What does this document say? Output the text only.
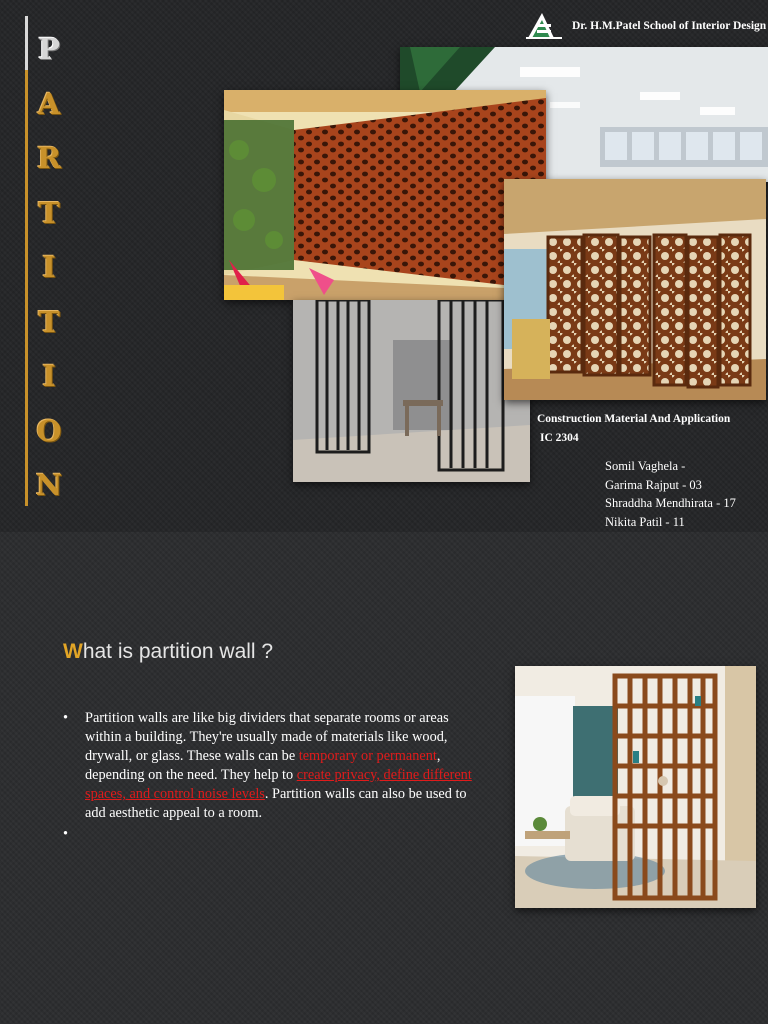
P
A
R
T
I
T
I
O
N
Dr. H.M.Patel School of Interior Design
Construction Material And Application
IC 2304
Somil Vaghela -
Garima Rajput - 03
Shraddha Mendhirata - 17
Nikita Patil - 11
What is partition wall ?
• Partition walls are like big dividers that separate rooms or areas within a building. They're usually made of materials like wood, drywall, or glass. These walls can be temporary or permanent, depending on the need. They help to create privacy, define different spaces, and control noise levels. Partition walls can also be used to add aesthetic appeal to a room.
•
